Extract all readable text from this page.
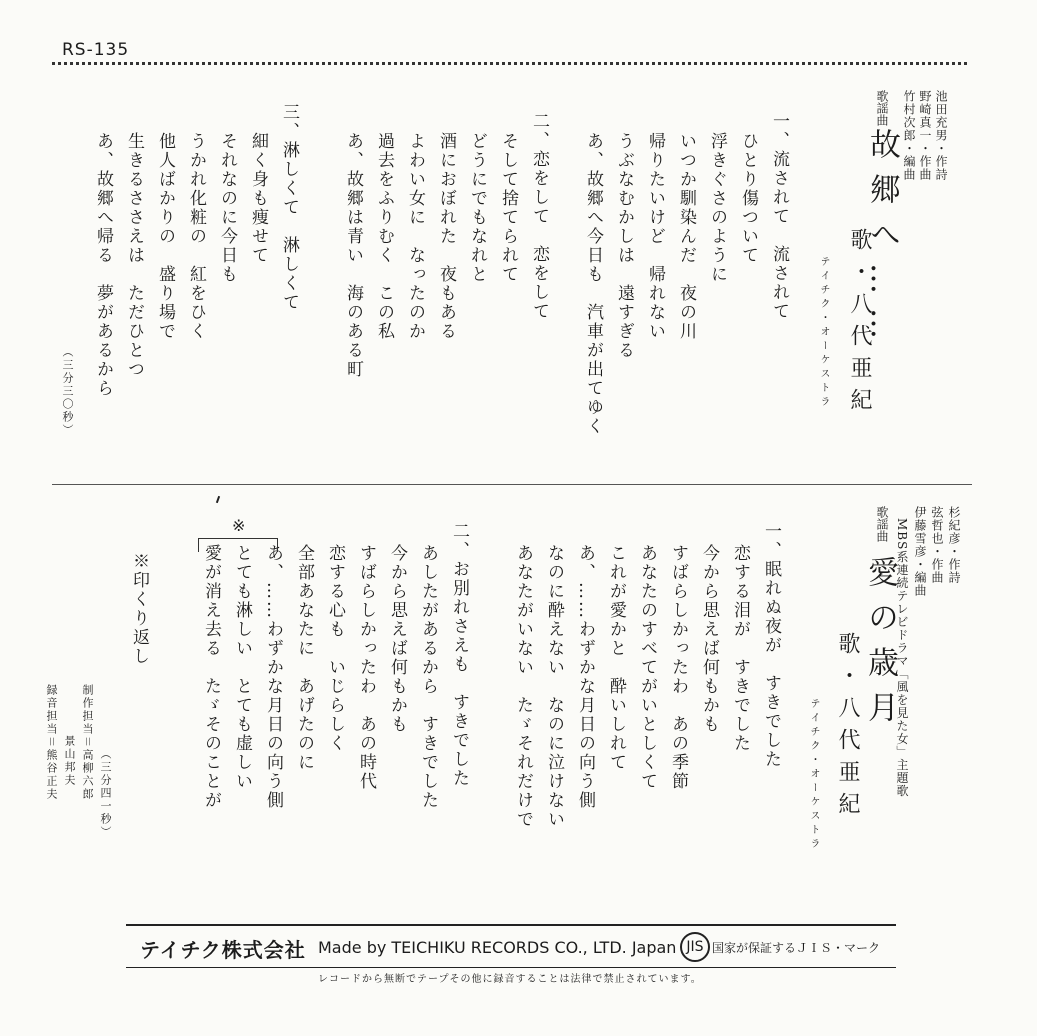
RS-135
歌謡曲
故郷へ……	池田充男・作詩
野崎真一・作曲
竹村次郎・編曲
歌・八代亜紀
テイチク・オーケストラ
一、流されて　流されて
ひとり傷ついて
浮きぐさのように
いつか馴染んだ　夜の川
帰りたいけど　帰れない
うぶなむかしは　遠すぎる
あ、故郷へ今日も　汽車が出てゆく
二、恋をして　恋をして
そして捨てられて
どうにでもなれと
酒におぼれた　夜もある
よわい女に　なったのか
過去をふりむく　この私
あ、故郷は青い　海のある町
三、淋しくて　淋しくて
細く身も痩せて
それなのに今日も
うかれ化粧の　紅をひく
他人ばかりの　盛り場で
生きるささえは　ただひとつ
あ、故郷へ帰る　夢があるから
（三分三〇秒）
杉紀彦・作詩
弦哲也・作曲
伊藤雪彦・編曲
MBS系連続テレビドラマ「風を見た女」主題歌
歌謡曲
愛の歳月
歌・八代亜紀
テイチク・オーケストラ
一、眠れぬ夜が　すきでした
恋する泪が　すきでした
今から思えば何もかも
すばらしかったわ　あの季節
あなたのすべてがいとしくて
これが愛かと　酔いしれて
あ、……わずかな月日の向う側
なのに酔えない　なのに泣けない
あなたがいない　たゞそれだけで
二、お別れさえも　すきでした
あしたがあるから　すきでした
今から思えば何もかも
すばらしかったわ　あの時代
恋する心も　いじらしく
全部あなたに　あげたのに
あ、……わずかな月日の向う側
とても淋しい　とても虚しい
愛が消え去る　たゞそのことが
※
※印くり返し
（三分四一秒）
制作担当＝高柳六郎
景山邦夫
録音担当＝熊谷正夫
テイチク株式会社 Made by TEICHIKU RECORDS CO., LTD. Japan JIS 国家が保証するＪＩＳ・マーク
レコードから無断でテープその他に録音することは法律で禁止されています。
